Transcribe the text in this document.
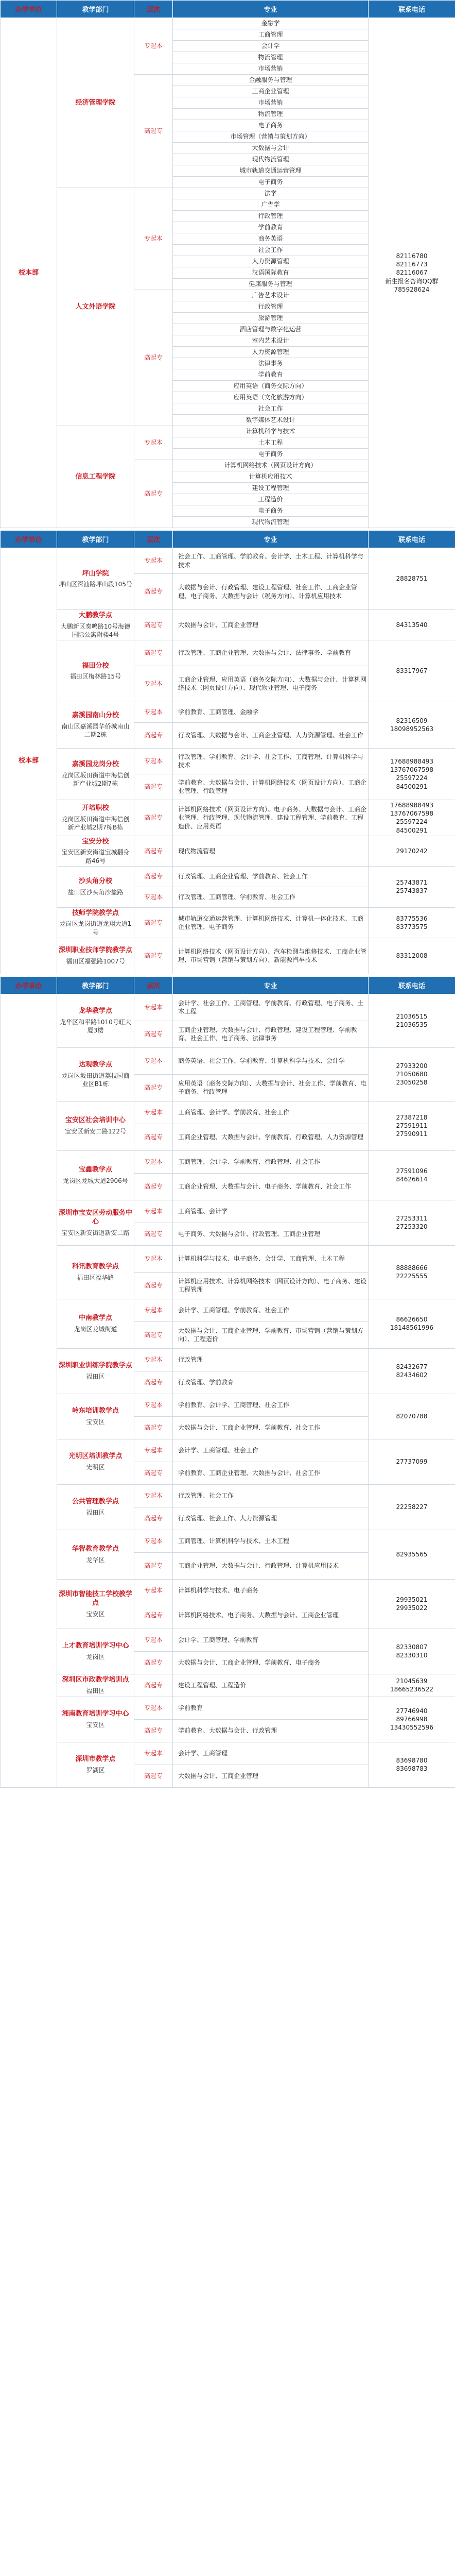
办学单位	教学部门	层次	专业	联系电话
校本部	经济管理学院	专起本	金融学	82116780
82116773
82116067
新生报名咨询QQ群
785928624
			工商管理	
			会计学	
			物流管理	
			市场营销	
		高起专	金融服务与管理	
			工商企业管理	
			市场营销	
			物流管理	
			电子商务	
			市场管理（营销与策划方向）	
			大数据与会计	
			现代物流管理	
			城市轨道交通运营管理	
			电子商务	
	人文外语学院	专起本	法学	
			广告学	
			行政管理	
			学前教育	
			商务英语	
			社会工作	
			人力资源管理	
			汉语国际教育	
			健康服务与管理	
		高起专	广告艺术设计	
			行政管理	
			旅游管理	
			酒店管理与数字化运营	
			室内艺术设计	
			人力资源管理	
			法律事务	
			学前教育	
			应用英语（商务交际方向）	
			应用英语（文化旅游方向）	
			社会工作	
			数字媒体艺术设计	
	信息工程学院	专起本	计算机科学与技术	
			土木工程	
			电子商务	
		高起专	计算机网络技术（网页设计方向）	
			计算机应用技术	
			建设工程管理	
			工程造价	
			电子商务	
			现代物流管理	
办学单位	教学部门	层次	专业	联系电话
校本部	坪山学院
坪山区深汕路坪山段105号	专起本	社会工作、工商管理、学前教育、会计学、土木工程、计算机科学与技术	28828751
		高起专	大数据与会计、行政管理、建设工程管理、社会工作、工商企业管理、电子商务、大数据与会计（税务方向）、计算机应用技术	
	大鹏教学点
大鹏新区奏鸣路10号海德国际公寓附楼4号	高起专	大数据与会计、工商企业管理	84313540
	福田分校
福田区梅林路15号	高起专	行政管理、工商企业管理、大数据与会计、法律事务、学前教育	83317967
		专起本	工商企业管理、应用英语（商务交际方向）、大数据与会计、计算机网络技术（网页设计方向）、现代物业管理、电子商务	
	嘉溪园南山分校
南山区嘉溪园华侨城南山二期2栋	专起本	学前教育、工商管理、金融学	82316509
18098952563
		高起专	行政管理、大数据与会计、工商企业管理、人力资源管理、社会工作	
	嘉溪园龙岗分校
龙岗区坂田街道中海信创新产业城2期7栋	专起本	行政管理、学前教育、会计学、社会工作、工商管理、计算机科学与技术	17688988493
13767067598
25597224
84500291
		高起专	学前教育、大数据与会计、计算机网络技术（网页设计方向）、工商企业管理、行政管理	
	开培职校
龙岗区坂田街道中海信创新产业城2期7栋B栋	高起专	计算机网络技术（网页设计方向）、电子商务、大数据与会计、工商企业管理、行政管理、现代物流管理、建设工程管理、学前教育、工程造价、应用英语	17688988493
13767067598
25597224
84500291
	宝安分校
宝安区新安街道宝城翻身路46号	高起专	现代物流管理	29170242
	沙头角分校
盐田区沙头角沙盐路	高起专	行政管理、工商企业管理、学前教育、社会工作	25743871
25743837
		专起本	行政管理、工商管理、学前教育、社会工作	
	技师学院教学点
龙岗区龙岗街道龙翔大道1号	高起专	城市轨道交通运营管理、计算机网络技术、计算机一体化技术、工商企业管理、电子商务	83775536
83773575
	深圳职业技师学院教学点
福田区福强路1007号	高起专	计算机网络技术（网页设计方向）、汽车检测与维修技术、工商企业管理、市场营销（营销与策划方向）、新能源汽车技术	83312008
办学单位	教学部门	层次	专业	联系电话
	龙华教学点
龙华区和平路1010号旺大厦3楼	专起本	会计学、社会工作、工商管理、学前教育、行政管理、电子商务、土木工程	21036515
21036535
		高起专	工商企业管理、大数据与会计、行政管理、建设工程管理、学前教育、社会工作、电子商务、法律事务	
	达观教学点
龙岗区坂田街道荔枝园商业区B1栋	专起本	商务英语、社会工作、学前教育、计算机科学与技术、会计学	27933200
21050680
23050258
		高起专	应用英语（商务交际方向）、大数据与会计、社会工作、学前教育、电子商务、行政管理	
	宝安区社会培训中心
宝安区新安二路122号	专起本	工商管理、会计学、学前教育、社会工作	27387218
27591911
27590911
		高起专	工商企业管理、大数据与会计、学前教育、行政管理、人力资源管理	
	宝鑫教学点
龙岗区龙城大道2906号	专起本	工商管理、会计学、学前教育、行政管理、社会工作	27591096
84626614
		高起专	工商企业管理、大数据与会计、电子商务、学前教育、社会工作	
	深圳市宝安区劳动服务中心
宝安区新安街道新安二路	专起本	工商管理、会计学	27253311
27253320
		高起专	电子商务、大数据与会计、行政管理、工商企业管理	
	科讯教育教学点
福田区福华路	专起本	计算机科学与技术、电子商务、会计学、工商管理、土木工程	88888666
22225555
		高起专	计算机应用技术、计算机网络技术（网页设计方向）、电子商务、建设工程管理	
	中南教学点
龙岗区龙城街道	专起本	会计学、工商管理、学前教育、社会工作	86626650
18148561996
		高起专	大数据与会计、工商企业管理、学前教育、市场营销（营销与策划方向）、工程造价	
	深圳职业训练学院教学点
福田区	专起本	行政管理	82432677
82434602
		高起专	行政管理、学前教育	
	岭东培训教学点
宝安区	专起本	学前教育、会计学、工商管理、社会工作	82070788
		高起专	大数据与会计、工商企业管理、学前教育、社会工作	
	光明区培训教学点
光明区	专起本	会计学、工商管理、社会工作	27737099
		高起专	学前教育、工商企业管理、大数据与会计、社会工作	
	公共管理教学点
福田区	专起本	行政管理、社会工作	22258227
		高起专	行政管理、社会工作、人力资源管理	
	华智教育教学点
龙华区	专起本	工商管理、计算机科学与技术、土木工程	82935565
		高起专	工商企业管理、大数据与会计、行政管理、计算机应用技术	
	深圳市智能技工学校教学点
宝安区	专起本	计算机科学与技术、电子商务	29935021
29935022
		高起专	计算机网络技术、电子商务、大数据与会计、工商企业管理	
	上才教育培训学习中心
龙岗区	专起本	会计学、工商管理、学前教育	82330807
82330310
		高起专	大数据与会计、工商企业管理、学前教育、电子商务	
	深圳区市政教学培训点
福田区	高起专	建设工程管理、工程造价	21045639
18665236522
	湘南教育培训学习中心
宝安区	专起本	学前教育	27746940
89766998
13430552596
		高起专	学前教育、大数据与会计、行政管理	
	深圳市教学点
罗湖区	专起本	会计学、工商管理	83698780
83698783
		高起专	大数据与会计、工商企业管理	
